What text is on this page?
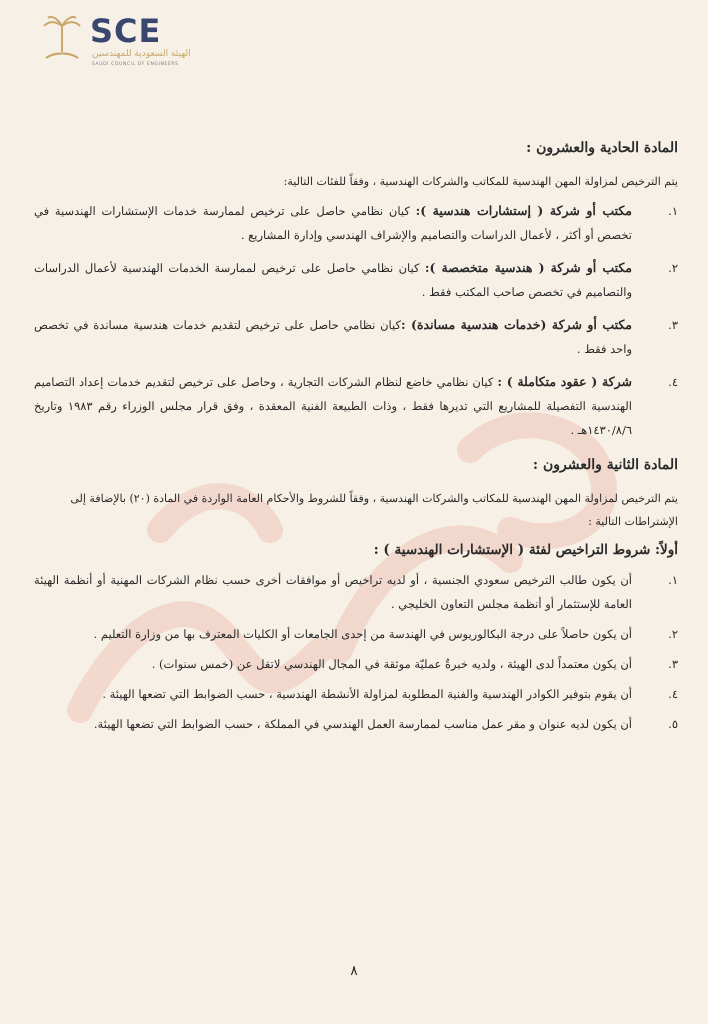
SCE
الهيئة السعودية للمهندسين
SAUDI COUNCIL OF ENGINEERS
المادة الحادية والعشرون :

يتم الترخيص لمزاولة المهن الهندسية للمكاتب والشركات الهندسية ، وفقاً للفئات التالية:

١.
مكتب أو شركة ( إستشارات هندسية ): كيان نظامي حاصل على ترخيص لممارسة خدمات الإستشارات الهندسية في تخصص أو أكثر ، لأعمال الدراسات والتصاميم والإشراف الهندسي وإدارة المشاريع .
٢.
مكتب أو شركة ( هندسية متخصصة ): كيان نظامي حاصل على ترخيص لممارسة الخدمات الهندسية لأعمال الدراسات والتصاميم في تخصص صاحب المكتب فقط .
٣.
مكتب أو شركة (خدمات هندسية مساندة) :كيان نظامي حاصل على ترخيص لتقديم خدمات هندسية مساندة في تخصص واحد فقط .
٤.
شركة ( عقود متكاملة ) : كيان نظامي خاضع لنظام الشركات التجارية ، وحاصل على ترخيص لتقديم خدمات إعداد التصاميم الهندسية التفصيلة للمشاريع التي تديرها فقط ، وذات الطبيعة الفنية المعقدة ، وفق قرار مجلس الوزراء رقم ١٩٨٣ وتاريخ ١٤٣٠/٨/٦هـ .
المادة الثانية والعشرون :

يتم الترخيص لمزاولة المهن الهندسية للمكاتب والشركات الهندسية ، وفقاً للشروط والأحكام العامة الواردة في المادة (٢٠) بالإضافة إلى الإشتراطات التالية :

أولاً: شروط التراخيص لفئة ( الإستشارات الهندسية ) :

١.
أن يكون طالب الترخيص سعودي الجنسية ، أو لديه تراخيص أو موافقات أخرى حسب نظام الشركات المهنية أو أنظمة الهيئة العامة للإستثمار أو أنظمة مجلس التعاون الخليجي .
٢.
أن يكون حاصلاً على درجة البكالوريوس في الهندسة من إحدى الجامعات أو الكليات المعترف بها من وزارة التعليم .
٣.
أن يكون معتمداً لدى الهيئة ، ولديه خبرةٌ عمليّة موثقة في المجال الهندسي لاتقل عن (خمس سنوات) .
٤.
أن يقوم بتوفير الكوادر الهندسية والفنية المطلوبة لمزاولة الأنشطة الهندسية ، حسب الضوابط التي تضعها الهيئة .
٥.
أن يكون لديه عنوان و مقر عمل مناسب لممارسة العمل الهندسي في المملكة ، حسب الضوابط التي تضعها الهيئة.
٨
